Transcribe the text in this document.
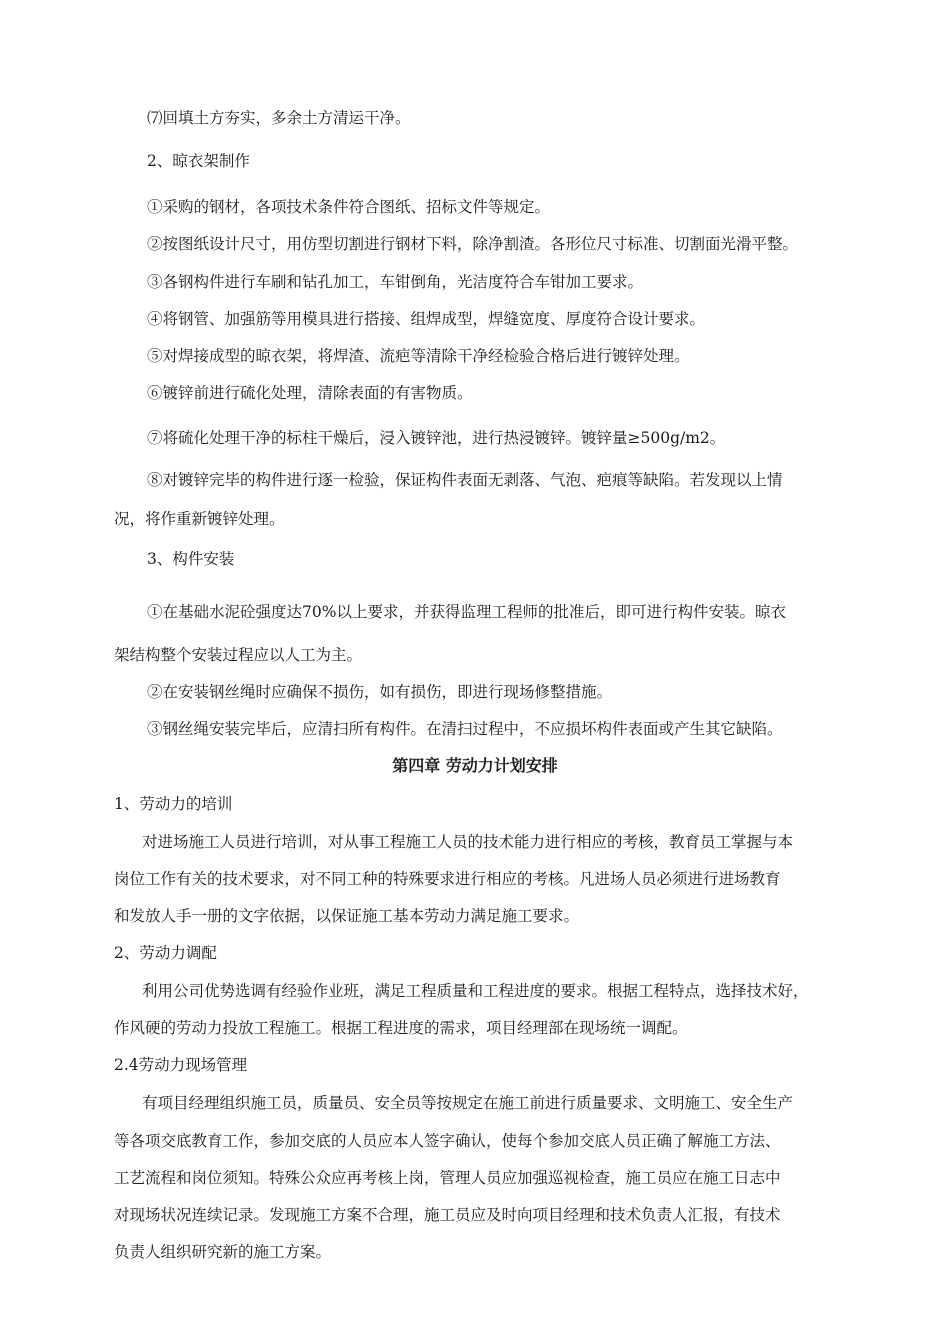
⑺回填土方夯实，多余土方清运干净。
2、晾衣架制作
①采购的钢材，各项技术条件符合图纸、招标文件等规定。
②按图纸设计尺寸，用仿型切割进行钢材下料，除净割渣。各形位尺寸标准、切割面光滑平整。
③各钢构件进行车刷和钻孔加工，车钳倒角，光洁度符合车钳加工要求。
④将钢管、加强筋等用模具进行搭接、组焊成型，焊缝宽度、厚度符合设计要求。
⑤对焊接成型的晾衣架，将焊渣、流疤等清除干净经检验合格后进行镀锌处理。
⑥镀锌前进行硫化处理，清除表面的有害物质。
⑦将硫化处理干净的标柱干燥后，浸入镀锌池，进行热浸镀锌。镀锌量≥500g/m2。
⑧对镀锌完毕的构件进行逐一检验，保证构件表面无剥落、气泡、疤痕等缺陷。若发现以上情
况，将作重新镀锌处理。
3、构件安装
①在基础水泥砼强度达70%以上要求，并获得监理工程师的批准后，即可进行构件安装。晾衣
架结构整个安装过程应以人工为主。
②在安装钢丝绳时应确保不损伤，如有损伤，即进行现场修整措施。
③钢丝绳安装完毕后，应清扫所有构件。在清扫过程中，不应损坏构件表面或产生其它缺陷。
第四章 劳动力计划安排
1、劳动力的培训
对进场施工人员进行培训，对从事工程施工人员的技术能力进行相应的考核，教育员工掌握与本
岗位工作有关的技术要求，对不同工种的特殊要求进行相应的考核。凡进场人员必须进行进场教育
和发放人手一册的文字依据，以保证施工基本劳动力满足施工要求。
2、劳动力调配
利用公司优势选调有经验作业班，满足工程质量和工程进度的要求。根据工程特点，选择技术好，
作风硬的劳动力投放工程施工。根据工程进度的需求，项目经理部在现场统一调配。
2.4劳动力现场管理
有项目经理组织施工员，质量员、安全员等按规定在施工前进行质量要求、文明施工、安全生产
等各项交底教育工作，参加交底的人员应本人签字确认，使每个参加交底人员正确了解施工方法、
工艺流程和岗位须知。特殊公众应再考核上岗，管理人员应加强巡视检查，施工员应在施工日志中
对现场状况连续记录。发现施工方案不合理，施工员应及时向项目经理和技术负责人汇报，有技术
负责人组织研究新的施工方案。
